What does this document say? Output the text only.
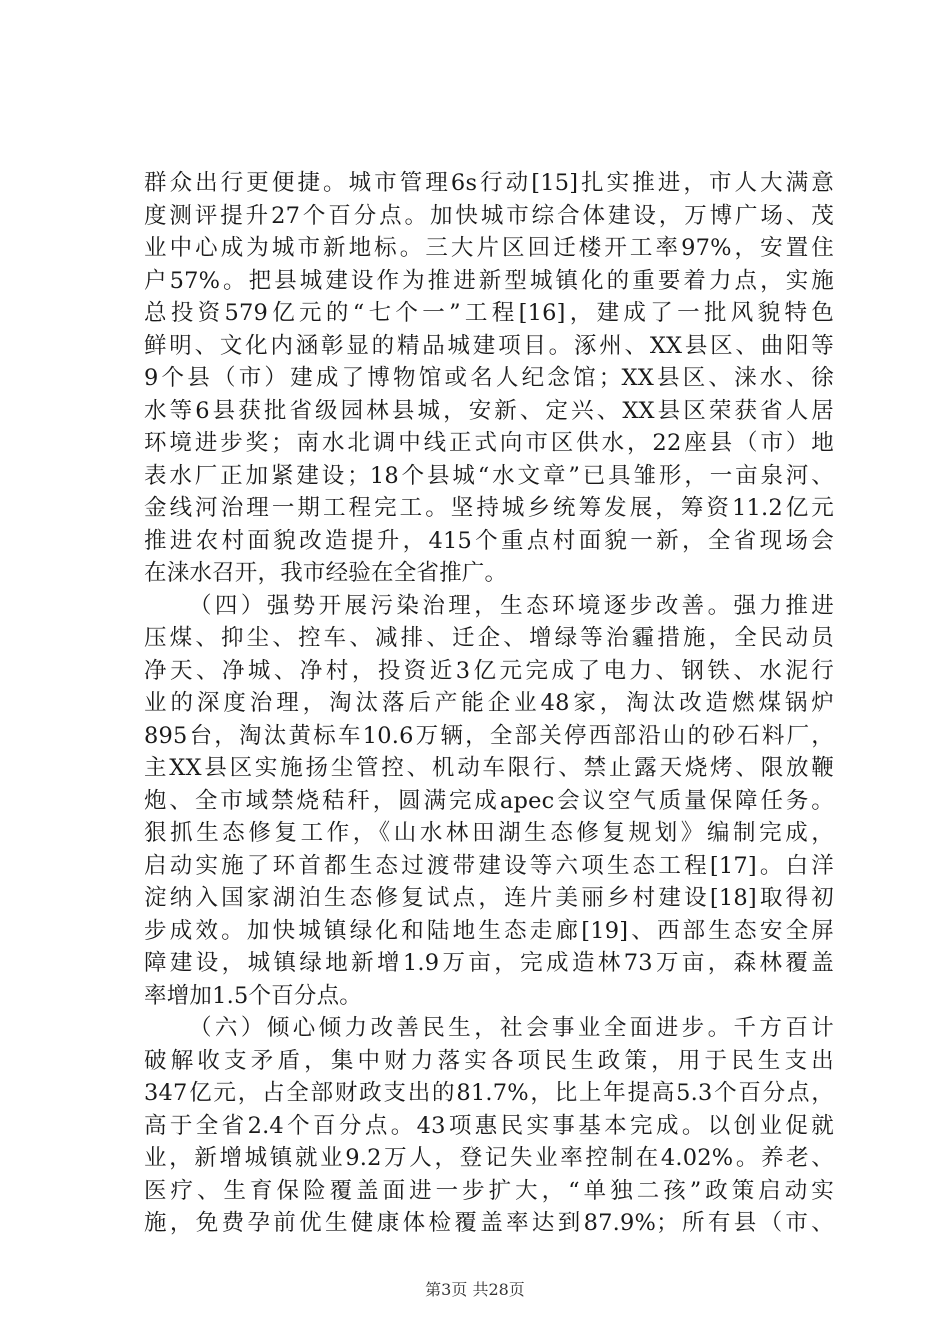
群众出行更便捷。城市管理6s行动[15]扎实推进，市人大满意
度测评提升27个百分点。加快城市综合体建设，万博广场、茂
业中心成为城市新地标。三大片区回迁楼开工率97%，安置住
户57%。把县城建设作为推进新型城镇化的重要着力点，实施
总投资579亿元的“七个一”工程[16]，建成了一批风貌特色
鲜明、文化内涵彰显的精品城建项目。涿州、XX县区、曲阳等
9个县（市）建成了博物馆或名人纪念馆；XX县区、涞水、徐
水等6县获批省级园林县城，安新、定兴、XX县区荣获省人居
环境进步奖；南水北调中线正式向市区供水，22座县（市）地
表水厂正加紧建设；18个县城“水文章”已具雏形，一亩泉河、
金线河治理一期工程完工。坚持城乡统筹发展，筹资11.2亿元
推进农村面貌改造提升，415个重点村面貌一新，全省现场会
在涞水召开，我市经验在全省推广。
（四）强势开展污染治理，生态环境逐步改善。强力推进
压煤、抑尘、控车、减排、迁企、增绿等治霾措施，全民动员
净天、净城、净村，投资近3亿元完成了电力、钢铁、水泥行
业的深度治理，淘汰落后产能企业48家，淘汰改造燃煤锅炉
895台，淘汰黄标车10.6万辆，全部关停西部沿山的砂石料厂，
主XX县区实施扬尘管控、机动车限行、禁止露天烧烤、限放鞭
炮、全市域禁烧秸秆，圆满完成apec会议空气质量保障任务。
狠抓生态修复工作，《山水林田湖生态修复规划》编制完成，
启动实施了环首都生态过渡带建设等六项生态工程[17]。白洋
淀纳入国家湖泊生态修复试点，连片美丽乡村建设[18]取得初
步成效。加快城镇绿化和陆地生态走廊[19]、西部生态安全屏
障建设，城镇绿地新增1.9万亩，完成造林73万亩，森林覆盖
率增加1.5个百分点。
（六）倾心倾力改善民生，社会事业全面进步。千方百计
破解收支矛盾，集中财力落实各项民生政策，用于民生支出
347亿元，占全部财政支出的81.7%，比上年提高5.3个百分点，
高于全省2.4个百分点。43项惠民实事基本完成。以创业促就
业，新增城镇就业9.2万人，登记失业率控制在4.02%。养老、
医疗、生育保险覆盖面进一步扩大，“单独二孩”政策启动实
施，免费孕前优生健康体检覆盖率达到87.9%；所有县（市、
第3页 共28页
